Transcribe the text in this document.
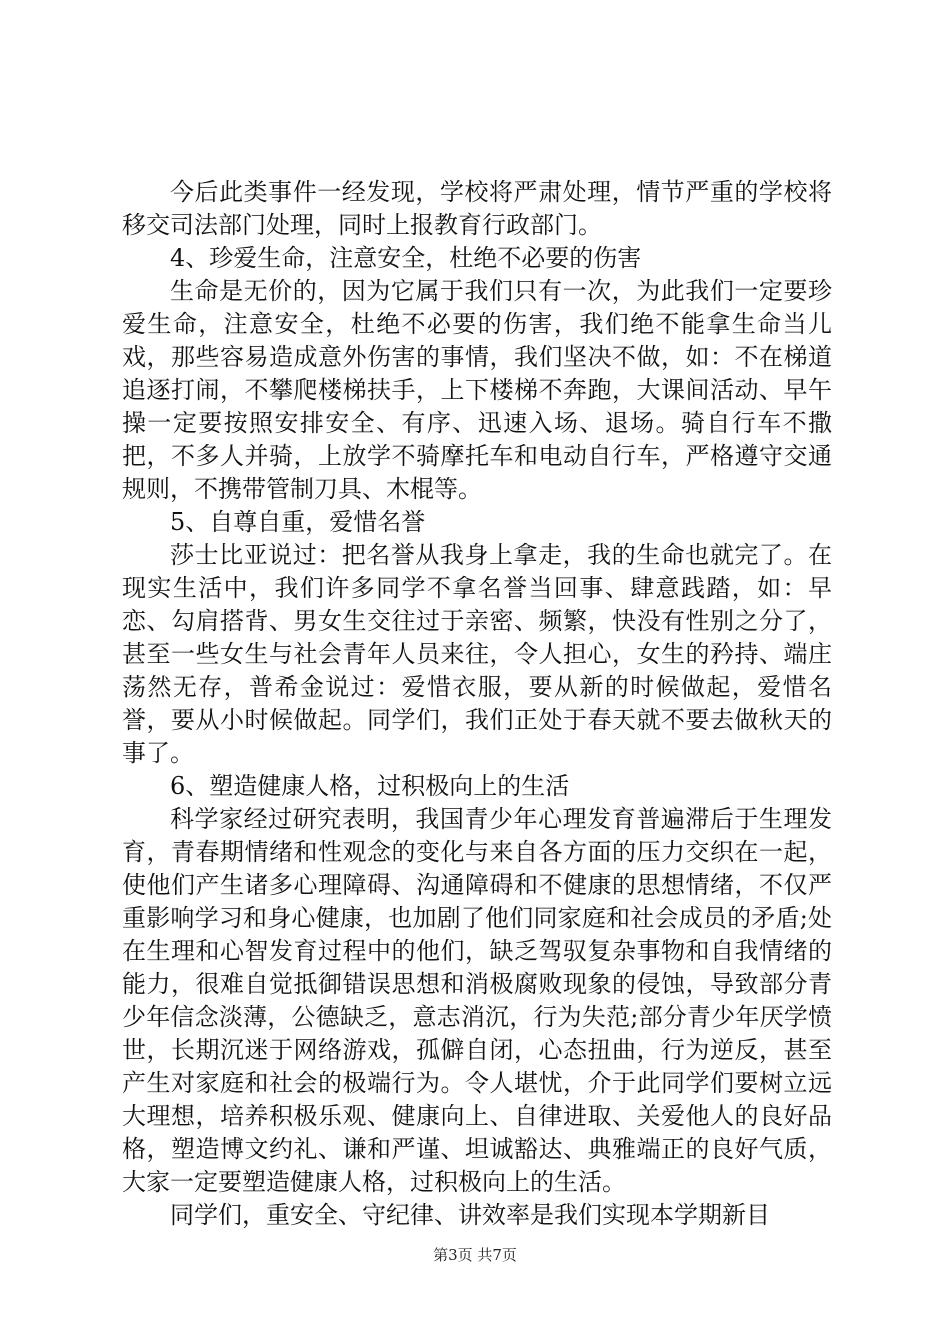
今后此类事件一经发现，学校将严肃处理，情节严重的学校将移交司法部门处理，同时上报教育行政部门。

4、珍爱生命，注意安全，杜绝不必要的伤害

生命是无价的，因为它属于我们只有一次，为此我们一定要珍爱生命，注意安全，杜绝不必要的伤害，我们绝不能拿生命当儿戏，那些容易造成意外伤害的事情，我们坚决不做，如：不在梯道追逐打闹，不攀爬楼梯扶手，上下楼梯不奔跑，大课间活动、早午操一定要按照安排安全、有序、迅速入场、退场。骑自行车不撒把，不多人并骑，上放学不骑摩托车和电动自行车，严格遵守交通规则，不携带管制刀具、木棍等。

5、自尊自重，爱惜名誉

莎士比亚说过：把名誉从我身上拿走，我的生命也就完了。在现实生活中，我们许多同学不拿名誉当回事、肆意践踏，如：早恋、勾肩搭背、男女生交往过于亲密、频繁，快没有性别之分了，甚至一些女生与社会青年人员来往，令人担心，女生的矜持、端庄荡然无存，普希金说过：爱惜衣服，要从新的时候做起，爱惜名誉，要从小时候做起。同学们，我们正处于春天就不要去做秋天的事了。

6、塑造健康人格，过积极向上的生活

科学家经过研究表明，我国青少年心理发育普遍滞后于生理发育，青春期情绪和性观念的变化与来自各方面的压力交织在一起，使他们产生诸多心理障碍、沟通障碍和不健康的思想情绪，不仅严重影响学习和身心健康，也加剧了他们同家庭和社会成员的矛盾;处在生理和心智发育过程中的他们，缺乏驾驭复杂事物和自我情绪的能力，很难自觉抵御错误思想和消极腐败现象的侵蚀，导致部分青少年信念淡薄，公德缺乏，意志消沉，行为失范;部分青少年厌学愤世，长期沉迷于网络游戏，孤僻自闭，心态扭曲，行为逆反，甚至产生对家庭和社会的极端行为。令人堪忧，介于此同学们要树立远大理想，培养积极乐观、健康向上、自律进取、关爱他人的良好品格，塑造博文约礼、谦和严谨、坦诚豁达、典雅端正的良好气质，大家一定要塑造健康人格，过积极向上的生活。

同学们，重安全、守纪律、讲效率是我们实现本学期新目

第3页 共7页
